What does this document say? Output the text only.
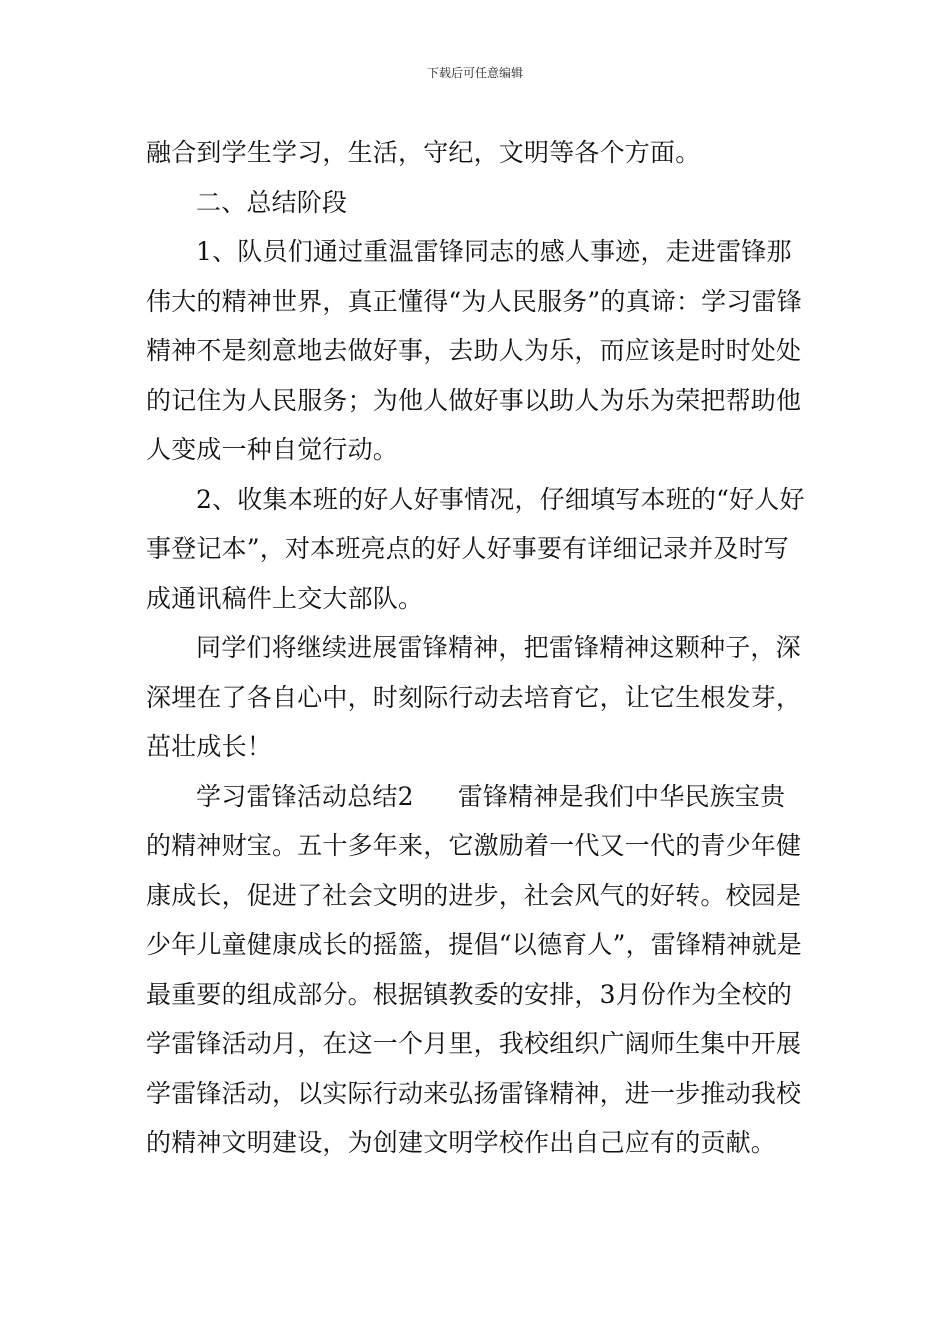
下载后可任意编辑

融合到学生学习，生活，守纪，文明等各个方面。

二、总结阶段

1、队员们通过重温雷锋同志的感人事迹，走进雷锋那伟大的精神世界，真正懂得“为人民服务”的真谛：学习雷锋精神不是刻意地去做好事，去助人为乐，而应该是时时处处的记住为人民服务；为他人做好事以助人为乐为荣把帮助他人变成一种自觉行动。

2、收集本班的好人好事情况，仔细填写本班的“好人好事登记本”，对本班亮点的好人好事要有详细记录并及时写成通讯稿件上交大部队。

同学们将继续进展雷锋精神，把雷锋精神这颗种子，深深埋在了各自心中，时刻际行动去培育它，让它生根发芽，茁壮成长！

学习雷锋活动总结2 雷锋精神是我们中华民族宝贵的精神财宝。五十多年来，它激励着一代又一代的青少年健康成长，促进了社会文明的进步，社会风气的好转。校园是少年儿童健康成长的摇篮，提倡“以德育人”，雷锋精神就是最重要的组成部分。根据镇教委的安排，3月份作为全校的学雷锋活动月，在这一个月里，我校组织广阔师生集中开展学雷锋活动，以实际行动来弘扬雷锋精神，进一步推动我校的精神文明建设，为创建文明学校作出自己应有的贡献。
